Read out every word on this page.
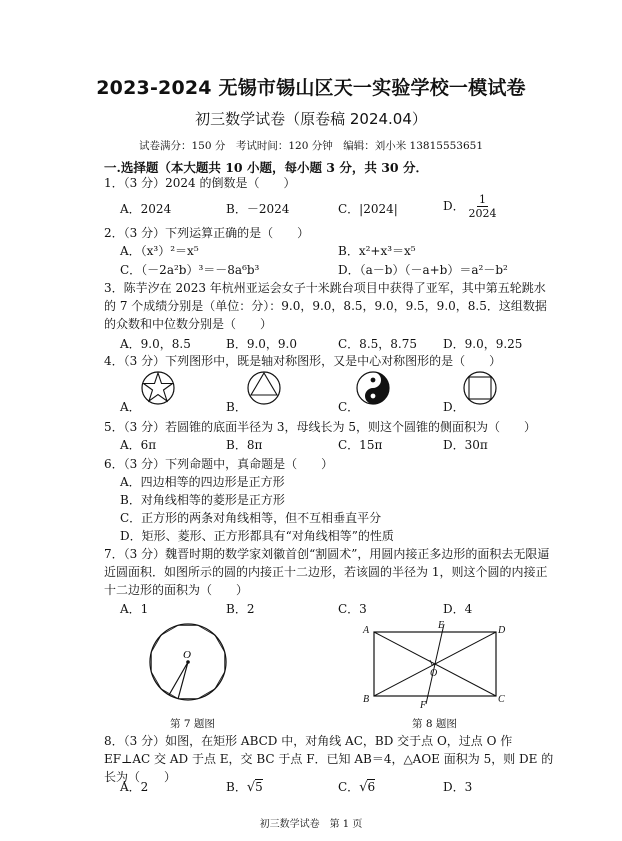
2023-2024 无锡市锡山区天一实验学校一模试卷
初三数学试卷（原卷稿 2024.04）
试卷满分：150 分　考试时间：120 分钟　编辑：刘小米 13815553651
一.选择题（本大题共 10 小题，每小题 3 分，共 30 分．
1．（3 分）2024 的倒数是（　　）
A．2024	B．－2024	C．|2024|	D． $\frac{1}{2024}$
2．（3 分）下列运算正确的是（　　）
A．（x³）²＝x⁵	B．x²+x³＝x⁵
C．（－2a²b）³＝－8a⁶b³	D．（a－b）（－a+b）＝a²－b²
3．陈芋汐在 2023 年杭州亚运会女子十米跳台项目中获得了亚军，其中第五轮跳水的 7 个成绩分别是（单位：分）：9.0，9.0，8.5，9.0，9.5，9.0，8.5．这组数据的众数和中位数分别是（　　）
A．9.0，8.5	B．9.0，9.0	C．8.5，8.75 D．9.0，9.25
4．（3 分）下列图形中，既是轴对称图形，又是中心对称图形的是（　　）
A．	B．	C．	D．
5．（3 分）若圆锥的底面半径为 3，母线长为 5，则这个圆锥的侧面积为（　　）
A．6π	B．8π	C．15π	D．30π
6．（3 分）下列命题中，真命题是（　　）
A．四边相等的四边形是正方形
B．对角线相等的菱形是正方形
C．正方形的两条对角线相等，但不互相垂直平分
D．矩形、菱形、正方形都具有“对角线相等”的性质
7．（3 分）魏晋时期的数学家刘徽首创“割圆术”，用圆内接正多边形的面积去无限逼近圆面积．如图所示的圆的内接正十二边形，若该圆的半径为 1，则这个圆的内接正十二边形的面积为（　　）
A．1	B．2	C．3	D．4
O
第 7 题图
A	D
B	C
E
F
O
第 8 题图
8．（3 分）如图，在矩形 ABCD 中，对角线 AC，BD 交于点 O，过点 O 作 EF⊥AC 交 AD 于点 E，交 BC 于点 F．已知 AB＝4，△AOE 面积为 5，则 DE 的长为（　　）
A．2	B．√5	C．√6	D．3
初三数学试卷　第 1 页
